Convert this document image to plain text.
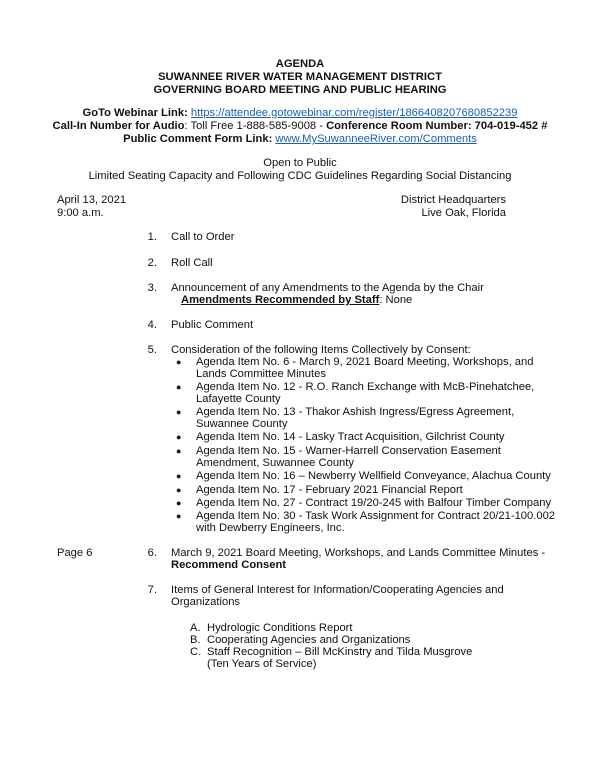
AGENDA
SUWANNEE RIVER WATER MANAGEMENT DISTRICT
GOVERNING BOARD MEETING AND PUBLIC HEARING
GoTo Webinar Link: https://attendee.gotowebinar.com/register/1866408207680852239
Call-In Number for Audio: Toll Free 1-888-585-9008 - Conference Room Number: 704-019-452 #
Public Comment Form Link: www.MySuwanneeRiver.com/Comments
Open to Public
Limited Seating Capacity and Following CDC Guidelines Regarding Social Distancing
April 13, 2021
9:00 a.m.
District Headquarters
Live Oak, Florida
1. Call to Order
2. Roll Call
3. Announcement of any Amendments to the Agenda by the Chair
Amendments Recommended by Staff: None
4. Public Comment
5. Consideration of the following Items Collectively by Consent:
● Agenda Item No. 6 - March 9, 2021 Board Meeting, Workshops, and
Lands Committee Minutes
● Agenda Item No. 12 - R.O. Ranch Exchange with McB-Pinehatchee,
Lafayette County
● Agenda Item No. 13 - Thakor Ashish Ingress/Egress Agreement,
Suwannee County
● Agenda Item No. 14 - Lasky Tract Acquisition, Gilchrist County
● Agenda Item No. 15 - Warner-Harrell Conservation Easement
Amendment, Suwannee County
● Agenda Item No. 16 – Newberry Wellfield Conveyance, Alachua County
● Agenda Item No. 17 - February 2021 Financial Report
● Agenda Item No. 27 - Contract 19/20-245 with Balfour Timber Company
● Agenda Item No. 30 - Task Work Assignment for Contract 20/21-100.002
with Dewberry Engineers, Inc.
Page 6	6. March 9, 2021 Board Meeting, Workshops, and Lands Committee Minutes -
Recommend Consent
7. Items of General Interest for Information/Cooperating Agencies and
Organizations
A. Hydrologic Conditions Report
B. Cooperating Agencies and Organizations
C. Staff Recognition – Bill McKinstry and Tilda Musgrove
(Ten Years of Service)
